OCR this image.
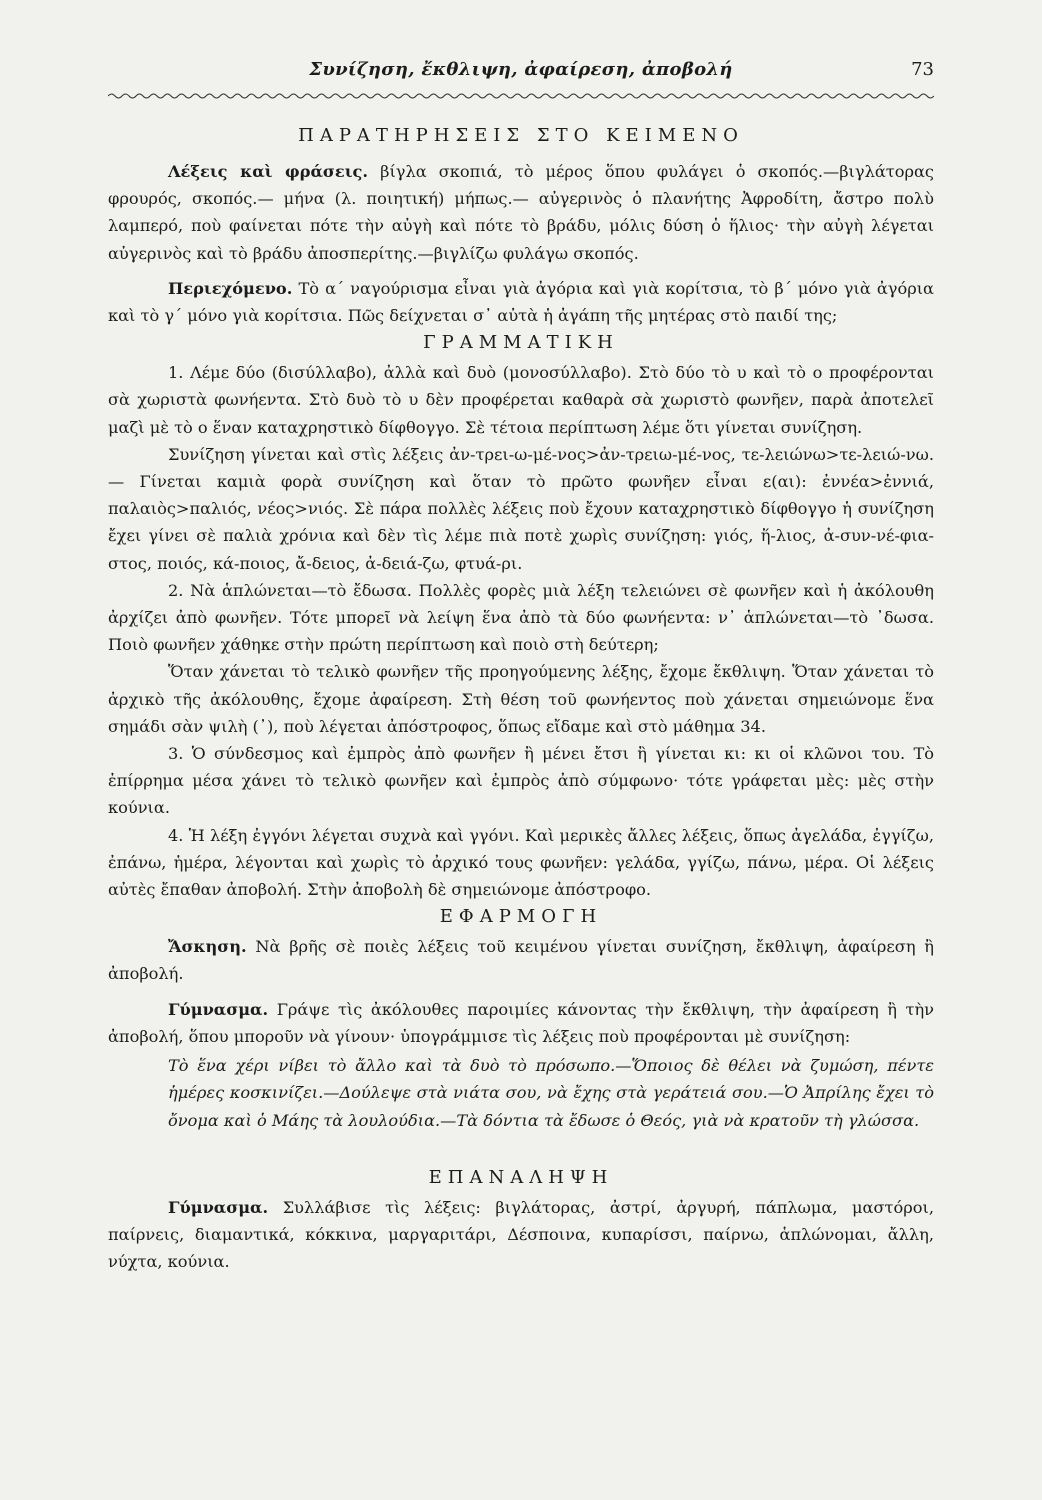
Συνίζηση, ἔκθλιψη, ἀφαίρεση, ἀποβολή	73
ΠΑΡΑΤΗΡΗΣΕΙΣ ΣΤΟ ΚΕΙΜΕΝΟ

Λέξεις καὶ φράσεις. βίγλα σκοπιά, τὸ μέρος ὅπου φυλάγει ὁ σκοπός.—βιγλάτορας φρουρός, σκοπός.— μήνα (λ. ποιητική) μήπως.— αὐγερινὸς ὁ πλανήτης Ἀφροδίτη, ἄστρο πολὺ λαμπερό, ποὺ φαίνεται πότε τὴν αὐγὴ καὶ πότε τὸ βράδυ, μόλις δύση ὁ ἥλιος· τὴν αὐγὴ λέγεται αὐγερινὸς καὶ τὸ βράδυ ἀποσπερίτης.—βιγλίζω φυλάγω σκοπός.

Περιεχόμενο. Τὸ α΄ ναγούρισμα εἶναι γιὰ ἀγόρια καὶ γιὰ κορίτσια, τὸ β΄ μόνο γιὰ ἀγόρια καὶ τὸ γ΄ μόνο γιὰ κορίτσια. Πῶς δείχνεται σ᾽ αὐτὰ ἡ ἀγάπη τῆς μητέρας στὸ παιδί της;

ΓΡΑΜΜΑΤΙΚΗ

1. Λέμε δύο (δισύλλαβο), ἀλλὰ καὶ δυὸ (μονοσύλλαβο). Στὸ δύο τὸ υ καὶ τὸ ο προφέρονται σὰ χωριστὰ φωνήεντα. Στὸ δυὸ τὸ υ δὲν προφέρεται καθαρὰ σὰ χωριστὸ φωνῆεν, παρὰ ἀποτελεῖ μαζὶ μὲ τὸ ο ἕναν καταχρηστικὸ δίφθογγο. Σὲ τέτοια περίπτωση λέμε ὅτι γίνεται συνίζηση.

Συνίζηση γίνεται καὶ στὶς λέξεις ἀν-τρει-ω-μέ-νος>ἀν-τρειω-μέ-νος, τε-λειώνω>τε-λειώ-νω.— Γίνεται καμιὰ φορὰ συνίζηση καὶ ὅταν τὸ πρῶτο φωνῆεν εἶναι ε(αι): ἐννέα>ἐννιά, παλαιὸς>παλιός, νέος>νιός. Σὲ πάρα πολλὲς λέξεις ποὺ ἔχουν καταχρηστικὸ δίφθογγο ἡ συνίζηση ἔχει γίνει σὲ παλιὰ χρόνια καὶ δὲν τὶς λέμε πιὰ ποτὲ χωρὶς συνίζηση: γιός, ἥ-λιος, ἀ-συν-νέ-φια-στος, ποιός, κά-ποιος, ἄ-δειος, ἀ-δειά-ζω, φτυά-ρι.

2. Νὰ ἁπλώνεται—τὸ ἔδωσα. Πολλὲς φορὲς μιὰ λέξη τελειώνει σὲ φωνῆεν καὶ ἡ ἀκόλουθη ἀρχίζει ἀπὸ φωνῆεν. Τότε μπορεῖ νὰ λείψη ἕνα ἀπὸ τὰ δύο φωνήεντα: ν᾽ ἁπλώνεται—τὸ ᾽δωσα. Ποιὸ φωνῆεν χάθηκε στὴν πρώτη περίπτωση καὶ ποιὸ στὴ δεύτερη;

Ὅταν χάνεται τὸ τελικὸ φωνῆεν τῆς προηγούμενης λέξης, ἔχομε ἔκθλιψη. Ὅταν χάνεται τὸ ἀρχικὸ τῆς ἀκόλουθης, ἔχομε ἀφαίρεση. Στὴ θέση τοῦ φωνήεντος ποὺ χάνεται σημειώνομε ἕνα σημάδι σὰν ψιλὴ (᾽), ποὺ λέγεται ἀπόστροφος, ὅπως εἴδαμε καὶ στὸ μάθημα 34.

3. Ὁ σύνδεσμος καὶ ἐμπρὸς ἀπὸ φωνῆεν ἢ μένει ἔτσι ἢ γίνεται κι: κι οἱ κλῶνοι του. Τὸ ἐπίρρημα μέσα χάνει τὸ τελικὸ φωνῆεν καὶ ἐμπρὸς ἀπὸ σύμφωνο· τότε γράφεται μὲς: μὲς στὴν κούνια.

4. Ἡ λέξη ἐγγόνι λέγεται συχνὰ καὶ γγόνι. Καὶ μερικὲς ἄλλες λέξεις, ὅπως ἀγελάδα, ἐγγίζω, ἐπάνω, ἡμέρα, λέγονται καὶ χωρὶς τὸ ἀρχικό τους φωνῆεν: γελάδα, γγίζω, πάνω, μέρα. Οἱ λέξεις αὐτὲς ἔπαθαν ἀποβολή. Στὴν ἀποβολὴ δὲ σημειώνομε ἀπόστροφο.

ΕΦΑΡΜΟΓΗ

Ἄσκηση. Νὰ βρῆς σὲ ποιὲς λέξεις τοῦ κειμένου γίνεται συνίζηση, ἔκθλιψη, ἀφαίρεση ἢ ἀποβολή.

Γύμνασμα. Γράψε τὶς ἀκόλουθες παροιμίες κάνοντας τὴν ἔκθλιψη, τὴν ἀφαίρεση ἢ τὴν ἀποβολή, ὅπου μποροῦν νὰ γίνουν· ὑπογράμμισε τὶς λέξεις ποὺ προφέρονται μὲ συνίζηση:

Τὸ ἕνα χέρι νίβει τὸ ἄλλο καὶ τὰ δυὸ τὸ πρόσωπο.—Ὅποιος δὲ θέλει νὰ ζυμώση, πέντε ἡμέρες κοσκινίζει.—Δούλεψε στὰ νιάτα σου, νὰ ἔχης στὰ γεράτειά σου.—Ὁ Ἀπρίλης ἔχει τὸ ὄνομα καὶ ὁ Μάης τὰ λουλούδια.—Τὰ δόντια τὰ ἔδωσε ὁ Θεός, γιὰ νὰ κρατοῦν τὴ γλώσσα.

ΕΠΑΝΑΛΗΨΗ

Γύμνασμα. Συλλάβισε τὶς λέξεις: βιγλάτορας, ἀστρί, ἀργυρή, πάπλωμα, μαστόροι, παίρνεις, διαμαντικά, κόκκινα, μαργαριτάρι, Δέσποινα, κυπαρίσσι, παίρνω, ἁπλώνομαι, ἄλλη, νύχτα, κούνια.
